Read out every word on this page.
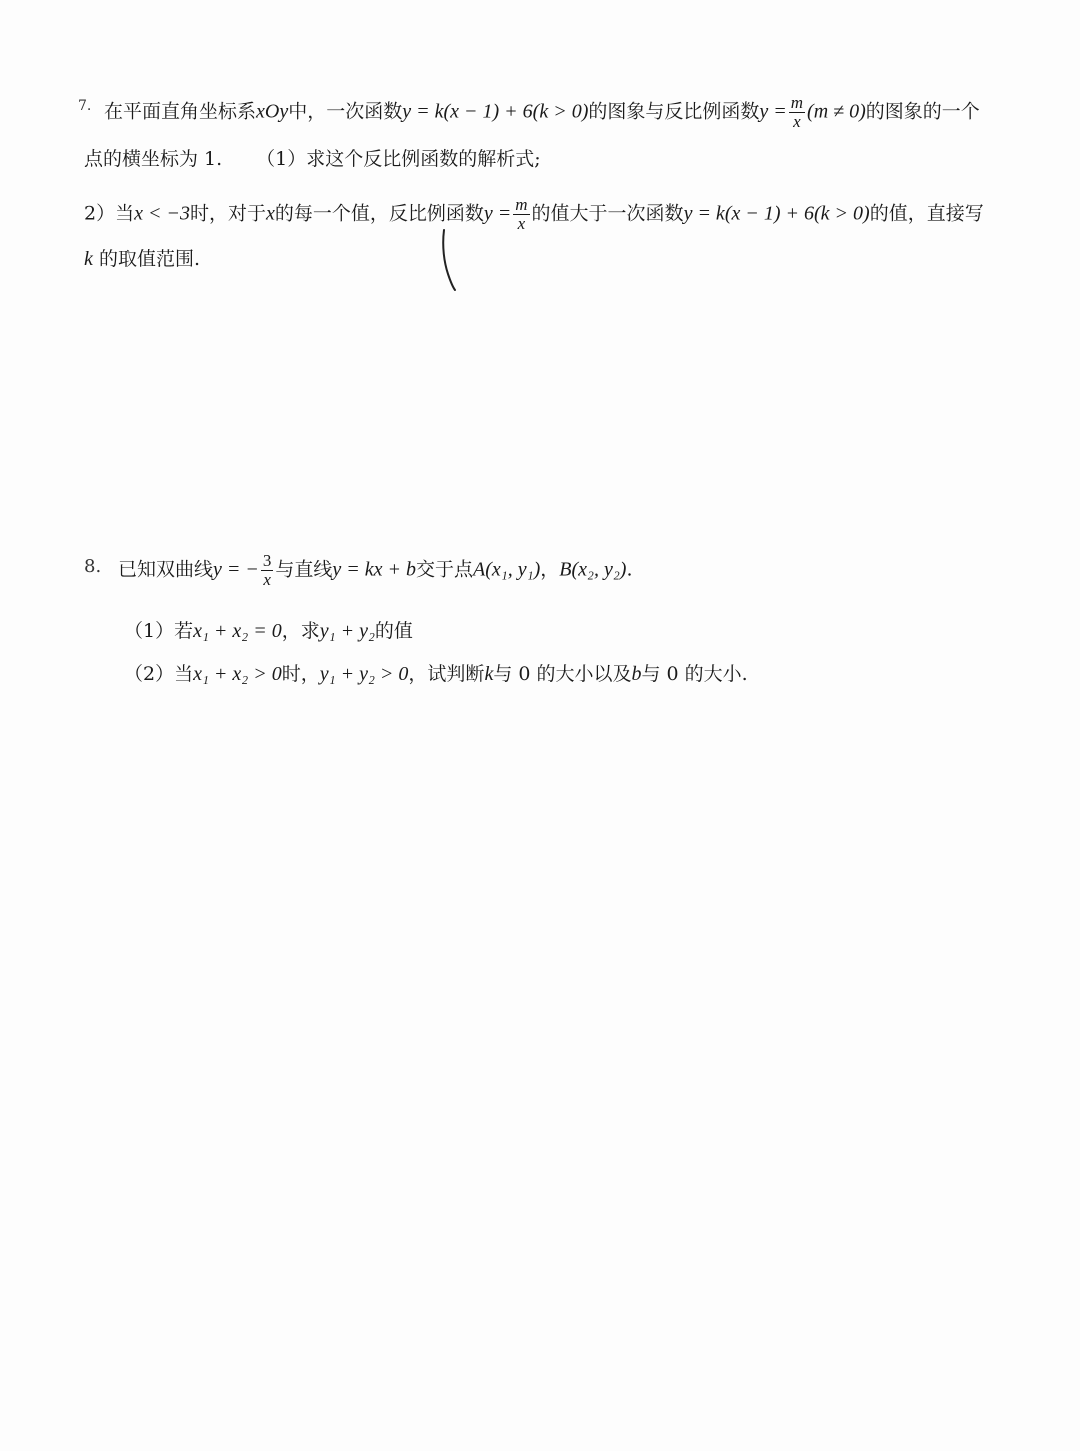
7. 在平面直角坐标系xOy中，一次函数y = k(x − 1) + 6(k > 0)的图象与反比例函数$y = \frac{m}{x} (m \ne 0)$的图象的一个
点的横坐标为 1. （1）求这个反比例函数的解析式;
2）当x < −3时，对于x的每一个值，反比例函数$y = \frac{m}{x}$ 的值大于一次函数y = k(x − 1) + 6(k > 0)的值，直接写
k 的取值范围.
8. 已知双曲线y = − $\frac{3}{x}$ 与直线y = kx + b交于点A(x₁, y₁)，B(x₂, y₂).
（1）若x₁ + x₂ = 0，求y₁ + y₂的值
（2）当x₁ + x₂ > 0时，y₁ + y₂ > 0，试判断k与 0 的大小以及b与 0 的大小.
